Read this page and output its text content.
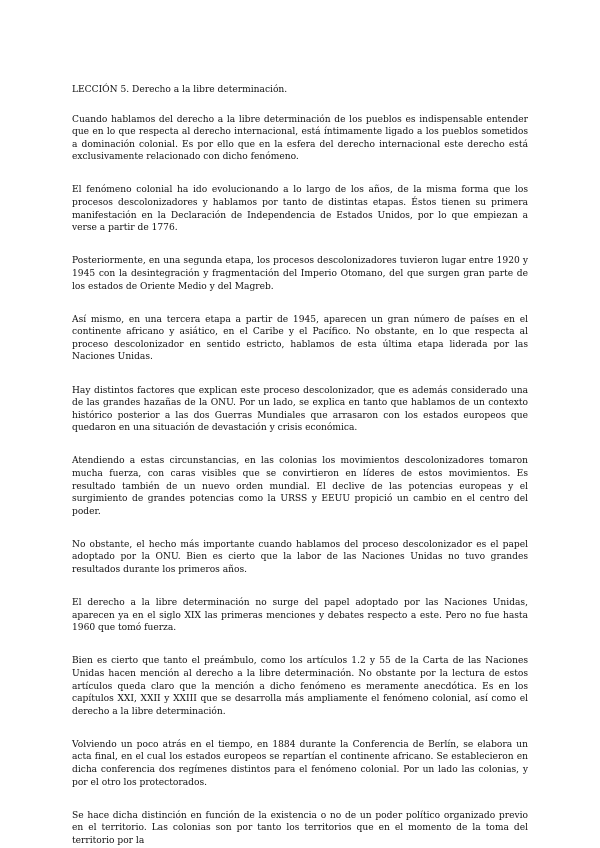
LECCIÓN 5. Derecho a la libre determinación.

Cuando hablamos del derecho a la libre determinación de los pueblos es indispensable entender que en lo que respecta al derecho internacional, está íntimamente ligado a los pueblos sometidos a dominación colonial. Es por ello que en la esfera del derecho internacional este derecho está exclusivamente relacionado con dicho fenómeno.

El fenómeno colonial ha ido evolucionando a lo largo de los años, de la misma forma que los procesos descolonizadores y hablamos por tanto de distintas etapas. Éstos tienen su primera manifestación en la Declaración de Independencia de Estados Unidos, por lo que empiezan a verse a partir de 1776.

Posteriormente, en una segunda etapa, los procesos descolonizadores tuvieron lugar entre 1920 y 1945 con la desintegración y fragmentación del Imperio Otomano, del que surgen gran parte de los estados de Oriente Medio y del Magreb.

Así mismo, en una tercera etapa a partir de 1945, aparecen un gran número de países en el continente africano y asiático, en el Caribe y el Pacífico. No obstante, en lo que respecta al proceso descolonizador en sentido estricto, hablamos de esta última etapa liderada por las Naciones Unidas.

Hay distintos factores que explican este proceso descolonizador, que es además considerado una de las grandes hazañas de la ONU. Por un lado, se explica en tanto que hablamos de un contexto histórico posterior a las dos Guerras Mundiales que arrasaron con los estados europeos que quedaron en una situación de devastación y crisis económica.

Atendiendo a estas circunstancias, en las colonias los movimientos descolonizadores tomaron mucha fuerza, con caras visibles que se convirtieron en líderes de estos movimientos. Es resultado también de un nuevo orden mundial. El declive de las potencias europeas y el surgimiento de grandes potencias como la URSS y EEUU propició un cambio en el centro del poder.

No obstante, el hecho más importante cuando hablamos del proceso descolonizador es el papel adoptado por la ONU. Bien es cierto que la labor de las Naciones Unidas no tuvo grandes resultados durante los primeros años.

El derecho a la libre determinación no surge del papel adoptado por las Naciones Unidas, aparecen ya en el siglo XIX las primeras menciones y debates respecto a este. Pero no fue hasta 1960 que tomó fuerza.

Bien es cierto que tanto el preámbulo, como los artículos 1.2 y 55 de la Carta de las Naciones Unidas hacen mención al derecho a la libre determinación. No obstante por la lectura de estos artículos queda claro que la mención a dicho fenómeno es meramente anecdótica. Es en los capítulos XXI, XXII y XXIII que se desarrolla más ampliamente el fenómeno colonial, así como el derecho a la libre determinación.

Volviendo un poco atrás en el tiempo, en 1884 durante la Conferencia de Berlín, se elabora un acta final, en el cual los estados europeos se repartían el continente africano. Se establecieron en dicha conferencia dos regímenes distintos para el fenómeno colonial. Por un lado las colonias, y por el otro los protectorados.

Se hace dicha distinción en función de la existencia o no de un poder político organizado previo en el territorio. Las colonias son por tanto los territorios que en el momento de la toma del territorio por la
